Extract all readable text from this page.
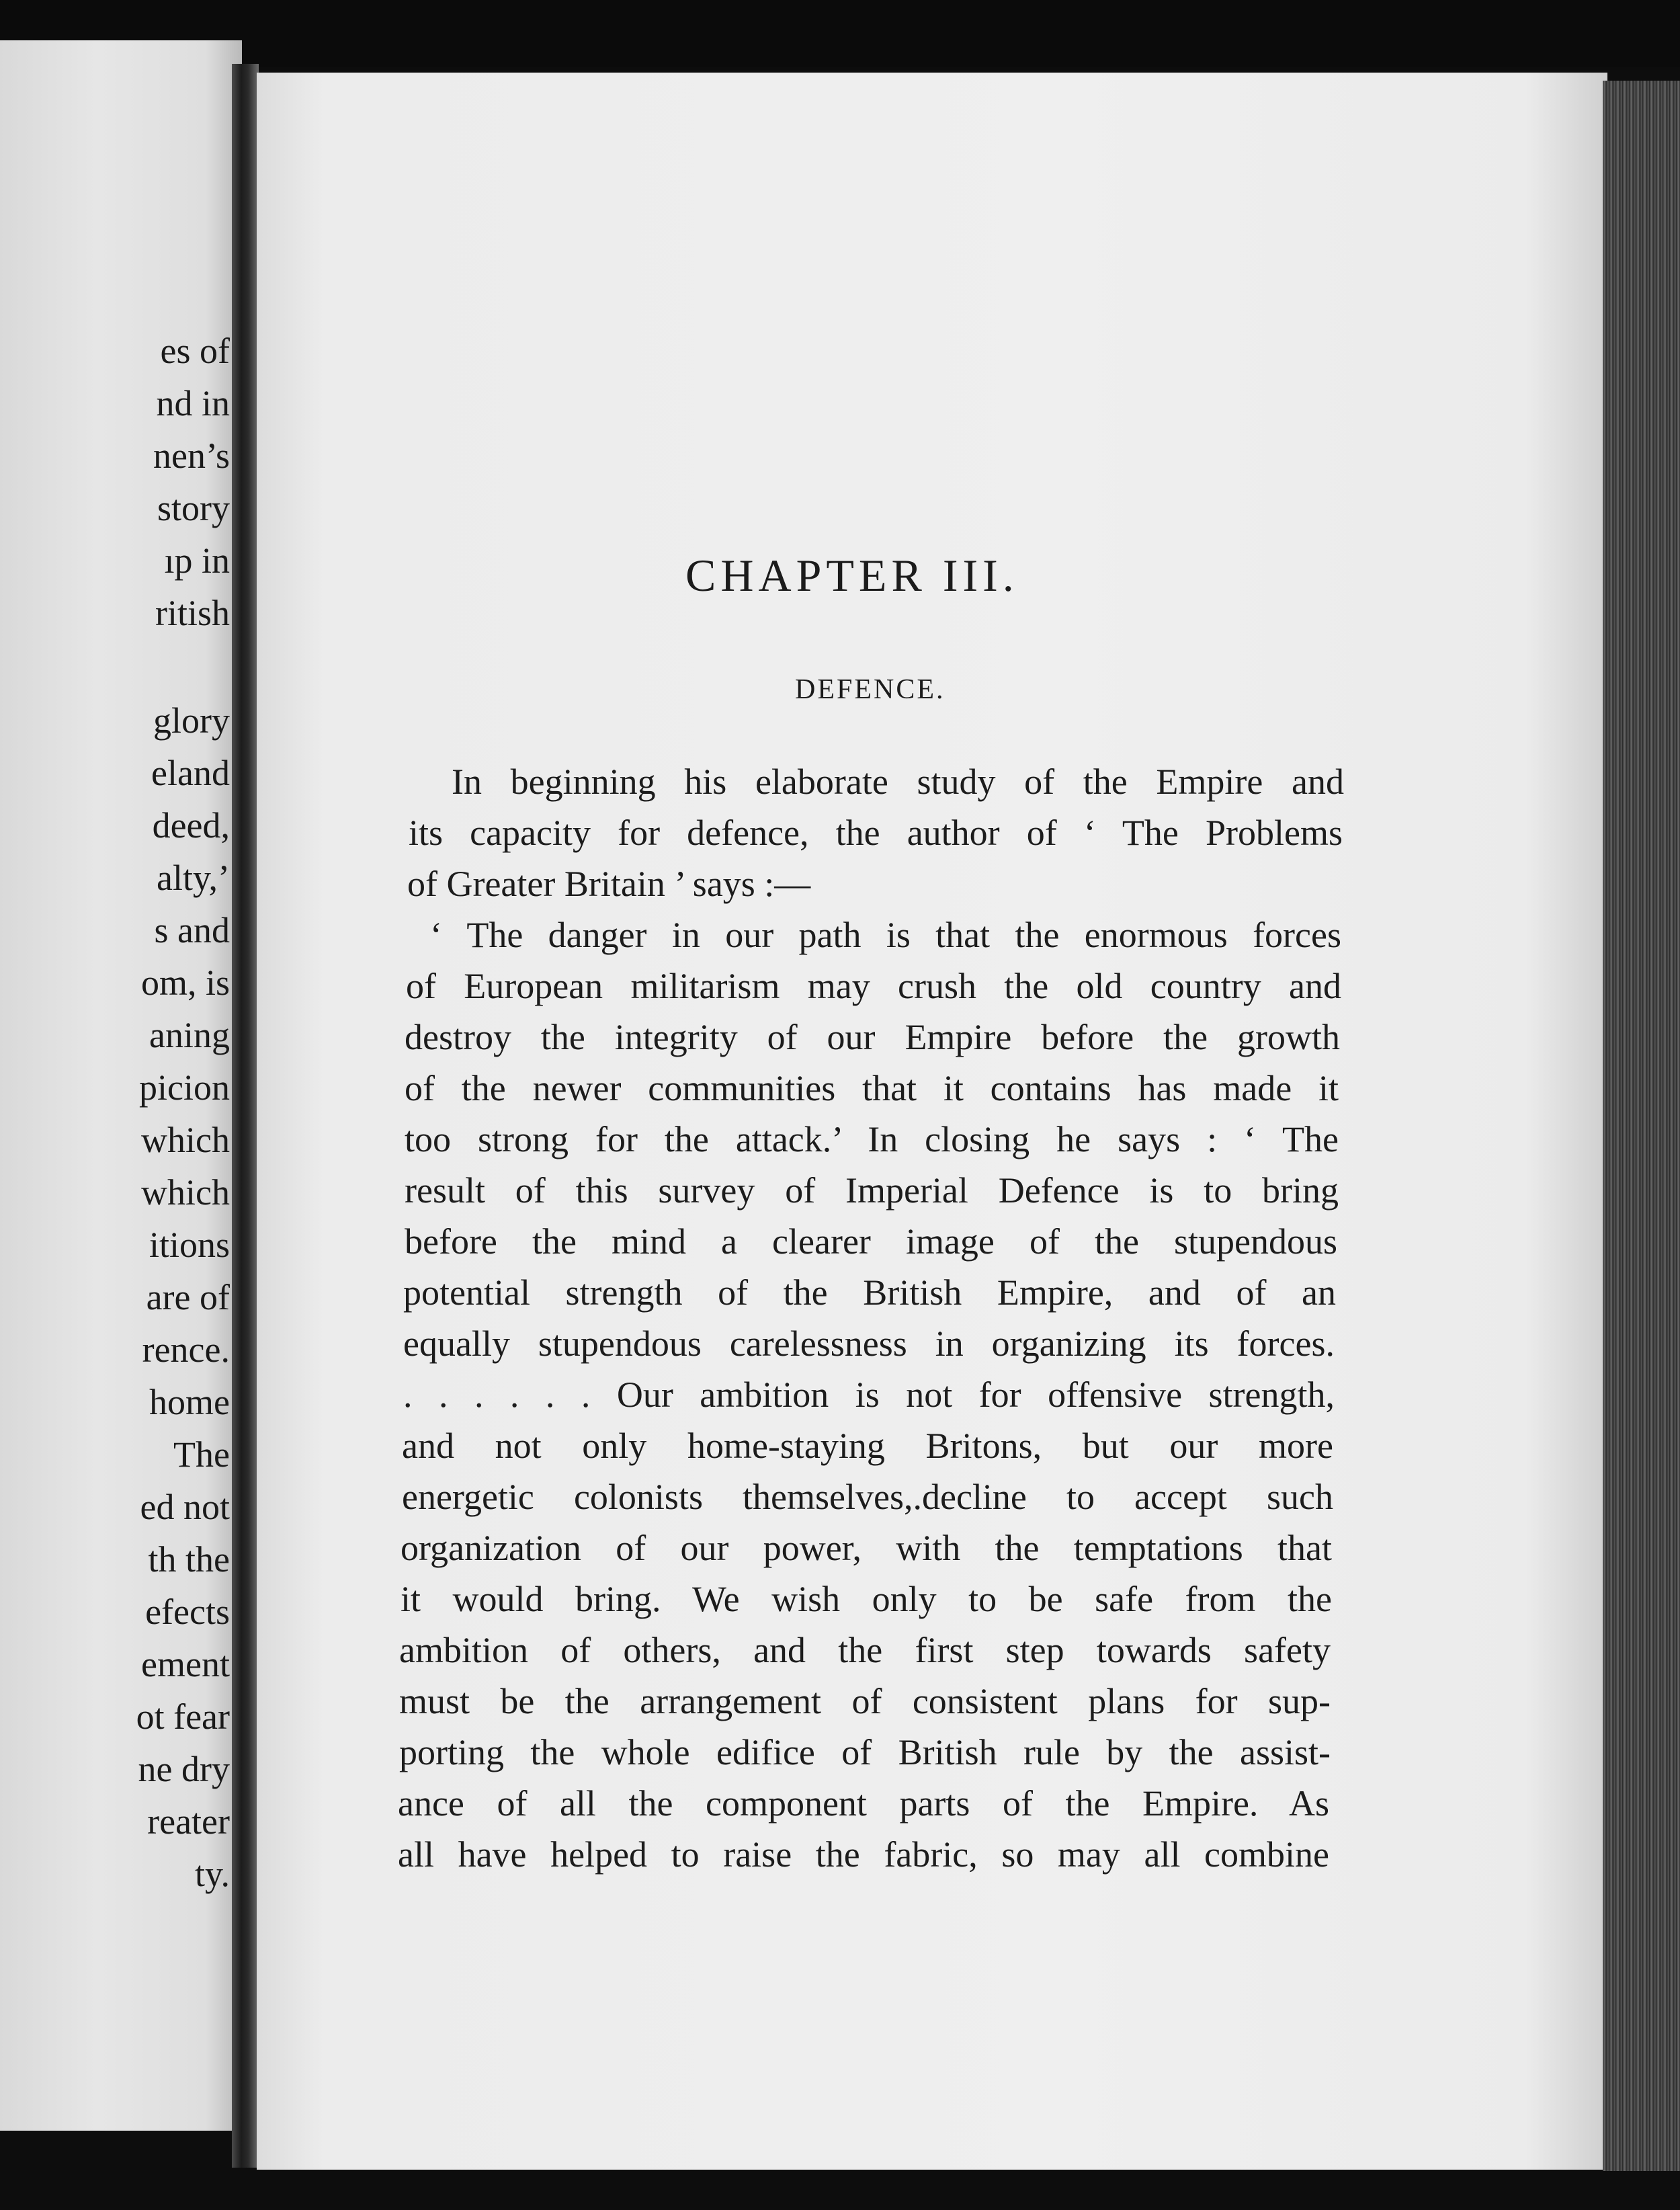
es of
nd in
nen’s
story
ıp in
ritish
glory
eland
deed,
alty,’
s and
om, is
aning
picion
which
which
itions
are of
rence.
home
The
ed not
th the
efects
ement
ot fear
ne dry
reater
ty.
CHAPTER III.
DEFENCE.
In beginning his elaborate study of the Empire and
its capacity for defence, the author of ‘ The Problems
of Greater Britain ’ says :—
‘ The danger in our path is that the enormous forces
of European militarism may crush the old country and
destroy the integrity of our Empire before the growth
of the newer communities that it contains has made it
too strong for the attack.’ In closing he says : ‘ The
result of this survey of Imperial Defence is to bring
before the mind a clearer image of the stupendous
potential strength of the British Empire, and of an
equally stupendous carelessness in organizing its forces.
. . . . . . Our ambition is not for offensive strength,
and not only home-staying Britons, but our more
energetic colonists themselves,.decline to accept such
organization of our power, with the temptations that
it would bring. We wish only to be safe from the
ambition of others, and the first step towards safety
must be the arrangement of consistent plans for sup-
porting the whole edifice of British rule by the assist-
ance of all the component parts of the Empire. As
all have helped to raise the fabric, so may all combine
